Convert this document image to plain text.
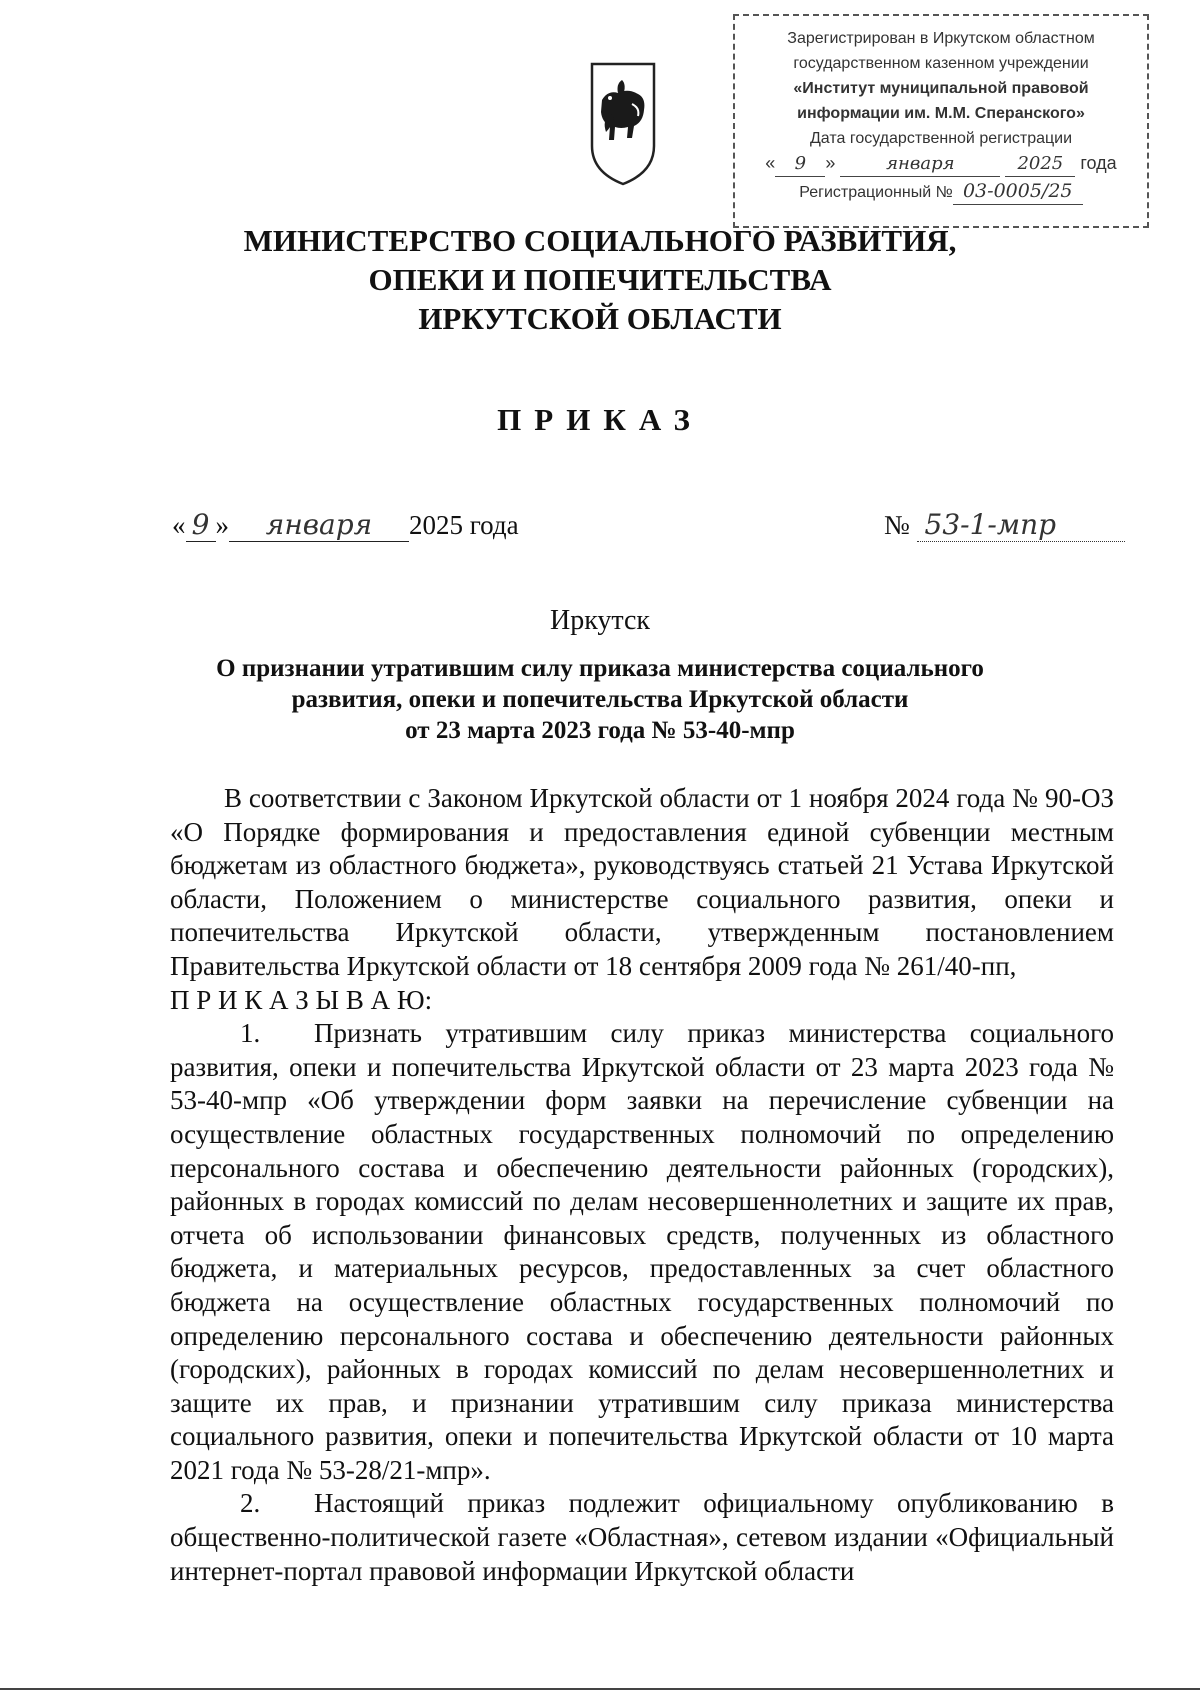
Зарегистрирован в Иркутском областном
государственном казенном учреждении
«Институт муниципальной правовой
информации им. М.М. Сперанского»
Дата государственной регистрации
« 9 »	января	2025 года
Регистрационный № 03-0005/25
МИНИСТЕРСТВО СОЦИАЛЬНОГО РАЗВИТИЯ,
ОПЕКИ И ПОПЕЧИТЕЛЬСТВА
ИРКУТСКОЙ ОБЛАСТИ
ПРИКАЗ
« 9 » января 2025 года	№ 53-1-мпр
Иркутск
О признании утратившим силу приказа министерства социального
развития, опеки и попечительства Иркутской области
от 23 марта 2023 года № 53-40-мпр

В соответствии с Законом Иркутской области от 1 ноября 2024 года № 90-ОЗ «О Порядке формирования и предоставления единой субвенции местным бюджетам из областного бюджета», руководствуясь статьей 21 Устава Иркутской области, Положением о министерстве социального развития, опеки и попечительства Иркутской области, утвержденным постановлением Правительства Иркутской области от 18 сентября 2009 года № 261/40-пп,

П Р И К А З Ы В А Ю:

1. Признать утратившим силу приказ министерства социального развития, опеки и попечительства Иркутской области от 23 марта 2023 года № 53-40-мпр «Об утверждении форм заявки на перечисление субвенции на осуществление областных государственных полномочий по определению персонального состава и обеспечению деятельности районных (городских), районных в городах комиссий по делам несовершеннолетних и защите их прав, отчета об использовании финансовых средств, полученных из областного бюджета, и материальных ресурсов, предоставленных за счет областного бюджета на осуществление областных государственных полномочий по определению персонального состава и обеспечению деятельности районных (городских), районных в городах комиссий по делам несовершеннолетних и защите их прав, и признании утратившим силу приказа министерства социального развития, опеки и попечительства Иркутской области от 10 марта 2021 года № 53-28/21-мпр».

2. Настоящий приказ подлежит официальному опубликованию в общественно-политической газете «Областная», сетевом издании «Официальный интернет-портал правовой информации Иркутской области
